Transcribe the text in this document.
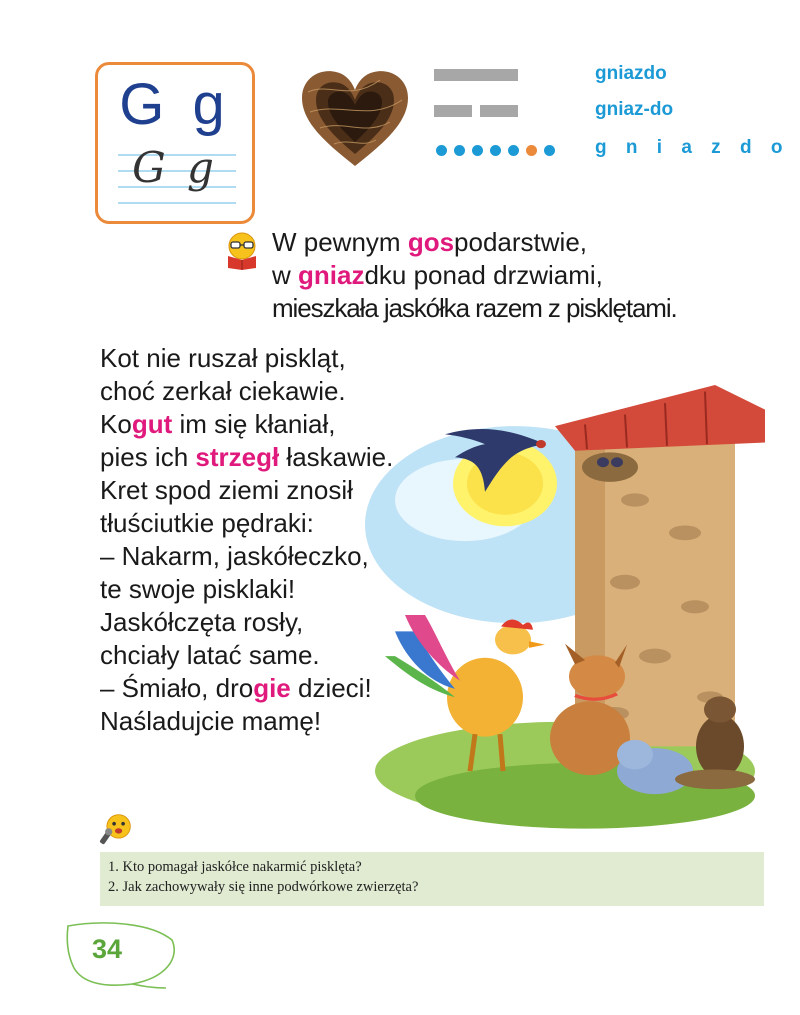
G g
G g
gniazdo
gniaz-do
g n i a z d o
W pewnym gospodarstwie,
w gniazdku ponad drzwiami,
mieszkała jaskółka razem z pisklętami.
Kot nie ruszał piskląt,
choć zerkał ciekawie.
Kogut im się kłaniał,
pies ich strzegł łaskawie.
Kret spod ziemi znosił
tłuściutkie pędraki:
– Nakarm, jaskółeczko,
te swoje pisklaki!
Jaskółczęta rosły,
chciały latać same.
– Śmiało, drogie dzieci!
Naśladujcie mamę!
1. Kto pomagał jaskółce nakarmić pisklęta?
2. Jak zachowywały się inne podwórkowe zwierzęta?
34
